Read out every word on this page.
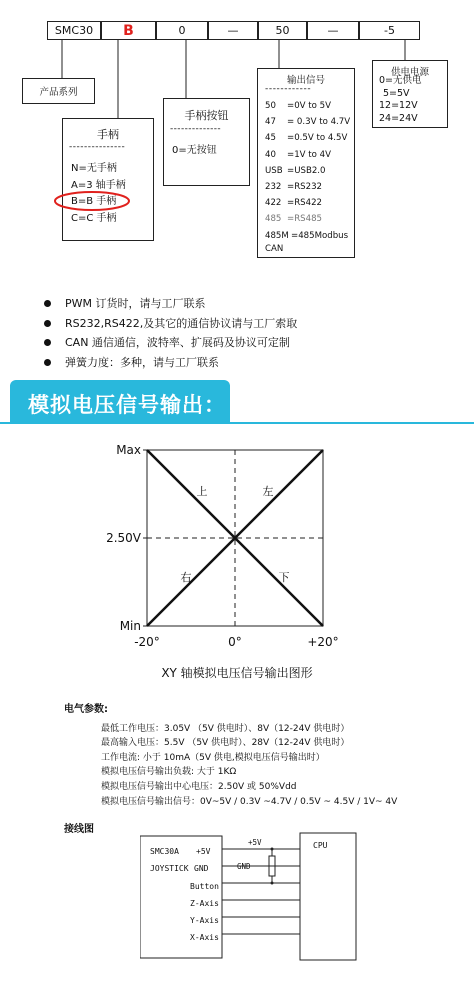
SMC30	B	0	—	50	—	-5
产品系列
手柄
---------------
N=无手柄
A=3 轴手柄
B=B 手柄
C=C 手柄
手柄按钮
--------------
0=无按钮
输出信号
------------
50	=0V to 5V
47	= 0.3V to 4.7V
45	=0.5V to 4.5V
40	=1V to 4V
USB =USB2.0
232 =RS232
422 =RS422
485 =RS485
485M =485Modbus
CAN
供电电源
0=无供电
5=5V
12=12V
24=24V
PWM 订货时，请与工厂联系
RS232,RS422,及其它的通信协议请与工厂索取
CAN 通信通信，波特率、扩展码及协议可定制
弹簧力度：多种，请与工厂联系
模拟电压信号输出：
Max
2.50V
Min
-20°	0°	+20°
上	左
右	下
XY 轴模拟电压信号输出图形
电气参数:
最低工作电压：3.05V （5V 供电时）、8V（12-24V 供电时）
最高输入电压：5.5V （5V 供电时）、28V（12-24V 供电时）
工作电流: 小于 10mA（5V 供电,模拟电压信号输出时）
模拟电压信号输出负载: 大于 1KΩ
模拟电压信号输出中心电压：2.50V 或 50%Vdd
模拟电压信号输出信号：0V~5V / 0.3V ~4.7V / 0.5V ~ 4.5V / 1V~ 4V
接线图
SMC30A
JOYSTICK
+5V
GND
Button
Z-Axis
Y-Axis
X-Axis
+5V
GND
CPU
